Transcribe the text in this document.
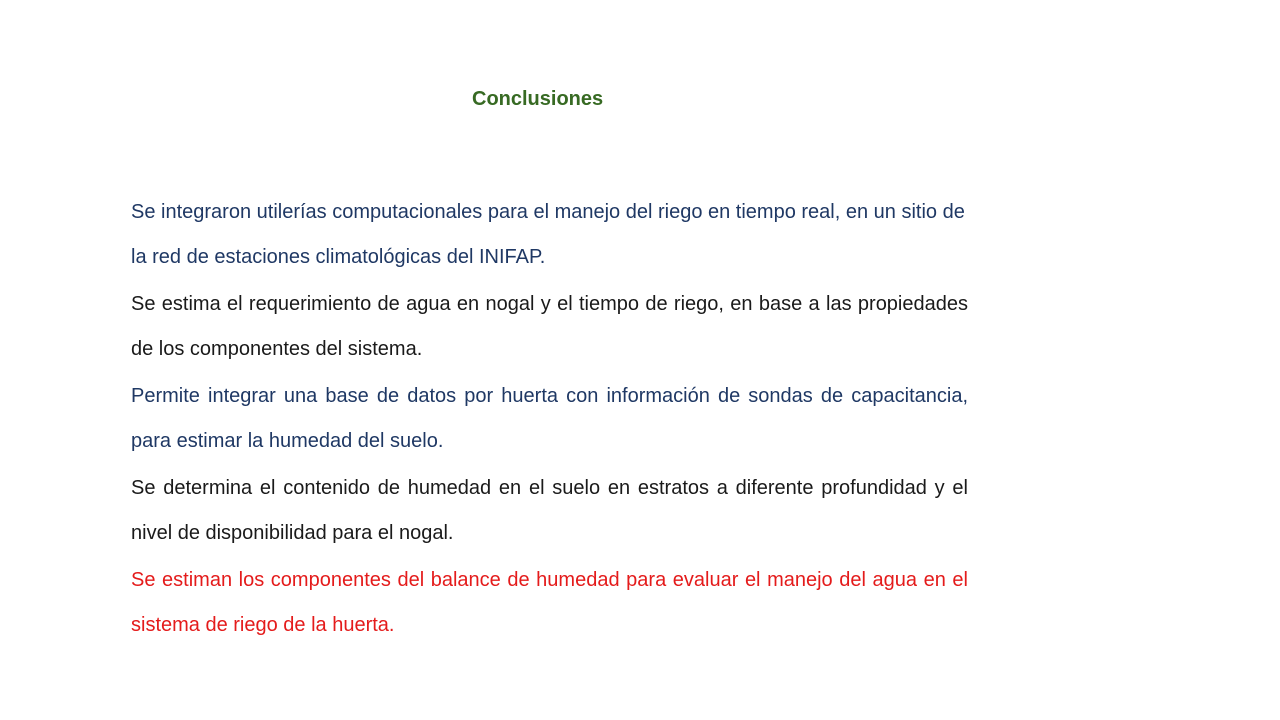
Conclusiones

Se integraron utilerías computacionales para el manejo del riego en tiempo real, en un sitio de la red de estaciones climatológicas del INIFAP.

Se estima el requerimiento de agua en nogal y el tiempo de riego, en base a las propiedades de los componentes del sistema.

Permite integrar una base de datos por huerta con información de sondas de capacitancia, para estimar la humedad del suelo.

Se determina el contenido de humedad en el suelo en estratos a diferente profundidad y el nivel de disponibilidad para el nogal.

Se estiman los componentes del balance de humedad para evaluar el manejo del agua en el sistema de riego de la huerta.
